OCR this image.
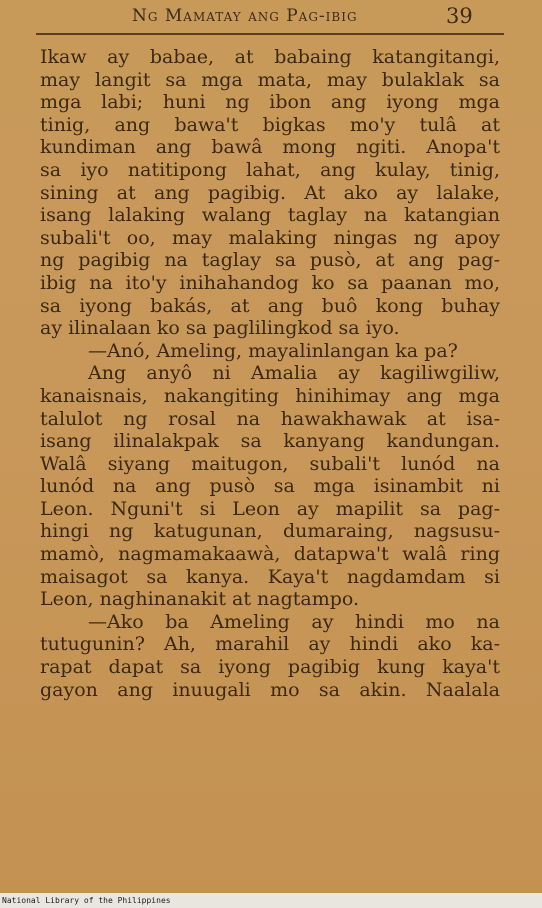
Ng Mamatay ang Pag-ibig	39
Ikaw ay babae, at babaing katangitangi,
may langit sa mga mata, may bulaklak sa
mga labi; huni ng ibon ang iyong mga
tinig, ang bawa't bigkas mo'y tulâ at
kundiman ang bawâ mong ngiti. Anopa't
sa iyo natitipong lahat, ang kulay, tinig,
sining at ang pagibig. At ako ay lalake,
isang lalaking walang taglay na katangian
subali't oo, may malaking ningas ng apoy
ng pagibig na taglay sa pusò, at ang pag-
ibig na ito'y inihahandog ko sa paanan mo,
sa iyong bakás, at ang buô kong buhay
ay ilinalaan ko sa paglilingkod sa iyo.
—Anó, Ameling, mayalinlangan ka pa?
Ang anyô ni Amalia ay kagiliwgiliw,
kanaisnais, nakangiting hinihimay ang mga
talulot ng rosal na hawakhawak at isa-
isang ilinalakpak sa kanyang kandungan.
Walâ siyang maitugon, subali't lunód na
lunód na ang pusò sa mga isinambit ni
Leon. Nguni't si Leon ay mapilit sa pag-
hingi ng katugunan, dumaraing, nagsusu-
mamò, nagmamakaawà, datapwa't walâ ring
maisagot sa kanya. Kaya't nagdamdam si
Leon, naghinanakit at nagtampo.
—Ako ba Ameling ay hindi mo na
tutugunin? Ah, marahil ay hindi ako ka-
rapat dapat sa iyong pagibig kung kaya't
gayon ang inuugali mo sa akin. Naalala
National Library of the Philippines
